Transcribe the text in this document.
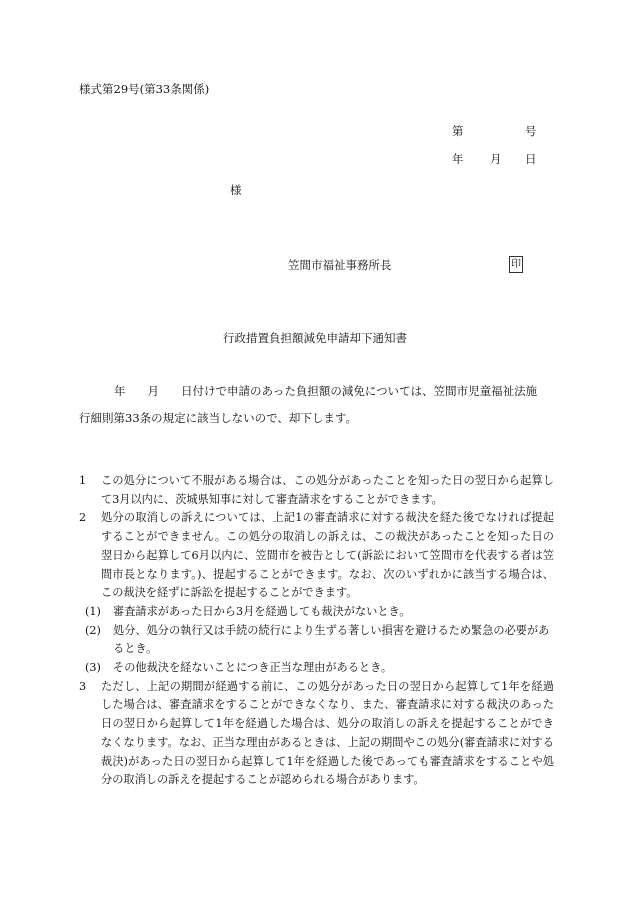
様式第29号(第33条関係)
第	号
年 月 日
様
笠間市福祉事務所長	印
行政措置負担額減免申請却下通知書
年 月 日付けで申請のあった負担額の減免については、笠間市児童福祉法施
行細則第33条の規定に該当しないので、却下します。
1	この処分について不服がある場合は、この処分があったことを知った日の翌日から起算して3月以内に、茨城県知事に対して審査請求をすることができます。
2	処分の取消しの訴えについては、上記1の審査請求に対する裁決を経た後でなければ提起することができません。この処分の取消しの訴えは、この裁決があったことを知った日の翌日から起算して6月以内に、笠間市を被告として(訴訟において笠間市を代表する者は笠間市長となります。)、提起することができます。なお、次のいずれかに該当する場合は、この裁決を経ずに訴訟を提起することができます。
(1)	審査請求があった日から3月を経過しても裁決がないとき。
(2)	処分、処分の執行又は手続の続行により生ずる著しい損害を避けるため緊急の必要があるとき。
(3)	その他裁決を経ないことにつき正当な理由があるとき。
3	ただし、上記の期間が経過する前に、この処分があった日の翌日から起算して1年を経過した場合は、審査請求をすることができなくなり、また、審査請求に対する裁決のあった日の翌日から起算して1年を経過した場合は、処分の取消しの訴えを提起することができなくなります。なお、正当な理由があるときは、上記の期間やこの処分(審査請求に対する裁決)があった日の翌日から起算して1年を経過した後であっても審査請求をすることや処分の取消しの訴えを提起することが認められる場合があります。
